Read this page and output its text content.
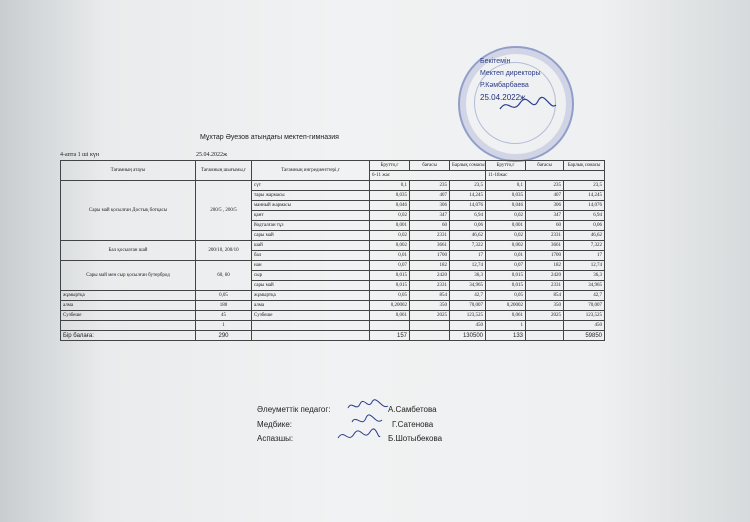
Бекітемін
Мектеп директоры
Р.Кәмбарбаева
25.04.2022ж.
Мұхтар Әуезов атындағы мектеп-гимназия
4-апта 1 ші күн	25.04.2022ж
Тағамның атауы	Тағамның шығымы,г	Тағамның ингредиенттері,г	Брутто,г	бағасы	Барлық сомасы	Брутто,г	бағасы	Барлық сомасы
			6-11 жас			11-18жас		
Сары май қосылған Достық ботқасы	200/5 , 200/5	сүт	0,1	235	23,5	0,1	235	23,5
		тары жармасы	0,035	407	14,245	0,035	407	14,245
		манный жармасы	0,046	306	14,076	0,046	306	14,076
		қант	0,02	347	6,94	0,02	347	6,94
		йодталған тұз	0,001	60	0,06	0,001	60	0,06
		сары май	0,02	2331	46,62	0,02	2331	46,62
Бал қосылған шай	200/10, 200/10	шай	0,002	3661	7,322	0,002	3661	7,322
		бал	0,01	1700	17	0,01	1700	17
Сары май мен сыр қосылған бутерброд	60, 60	нан	0,07	182	12,74	0,07	182	12,74
		сыр	0,015	2420	36,3	0,015	2420	36,3
		сары май	0,015	2331	34,965	0,015	2331	34,965
жұмыртқа	0,05	жұмыртқа	0,05	854	42,7	0,05	854	42,7
алма	180	алма	0,20002	350	70,007	0,20002	350	70,007
Сузбеше	45	Сузбеше	0,061	2025	123,525	0,061	2025	123,525
	1				450	1		450
Бір балаға:	290		157		130500	133		59850
Әлеуметтік педагог:	А.Самбетова
Медбике:	Г.Сатенова
Аспазшы:	Б.Шотыбекова
